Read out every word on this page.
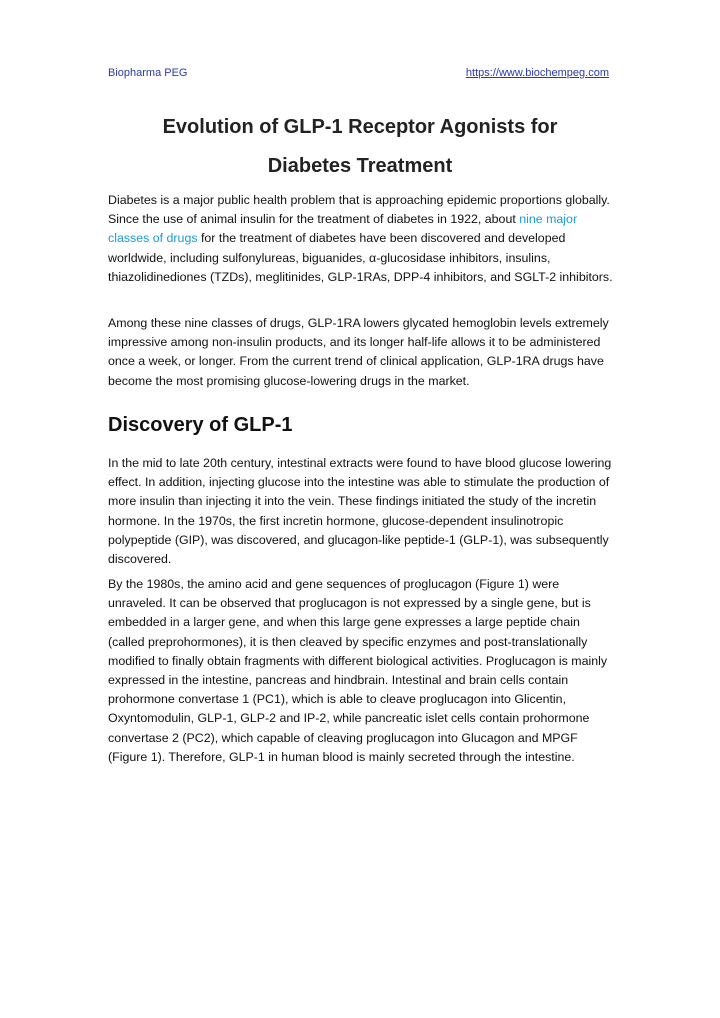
Biopharma PEG	https://www.biochempeg.com
Evolution of GLP‐1 Receptor Agonists for
Diabetes Treatment
Diabetes is a major public health problem that is approaching epidemic proportions globally. Since the use of animal insulin for the treatment of diabetes in 1922, about nine major classes of drugs for the treatment of diabetes have been discovered and developed worldwide, including sulfonylureas, biguanides, α-glucosidase inhibitors, insulins, thiazolidinediones (TZDs), meglitinides, GLP-1RAs, DPP-4 inhibitors, and SGLT-2 inhibitors.
Among these nine classes of drugs, GLP-1RA lowers glycated hemoglobin levels extremely impressive among non-insulin products, and its longer half-life allows it to be administered once a week, or longer. From the current trend of clinical application, GLP-1RA drugs have become the most promising glucose-lowering drugs in the market.
Discovery of GLP-1
In the mid to late 20th century, intestinal extracts were found to have blood glucose lowering effect. In addition, injecting glucose into the intestine was able to stimulate the production of more insulin than injecting it into the vein. These findings initiated the study of the incretin hormone. In the 1970s, the first incretin hormone, glucose-dependent insulinotropic polypeptide (GIP), was discovered, and glucagon-like peptide-1 (GLP-1), was subsequently discovered.
By the 1980s, the amino acid and gene sequences of proglucagon (Figure 1) were unraveled. It can be observed that proglucagon is not expressed by a single gene, but is embedded in a larger gene, and when this large gene expresses a large peptide chain (called preprohormones), it is then cleaved by specific enzymes and post-translationally modified to finally obtain fragments with different biological activities. Proglucagon is mainly expressed in the intestine, pancreas and hindbrain. Intestinal and brain cells contain prohormone convertase 1 (PC1), which is able to cleave proglucagon into Glicentin, Oxyntomodulin, GLP-1, GLP-2 and IP-2, while pancreatic islet cells contain prohormone convertase 2 (PC2), which capable of cleaving proglucagon into Glucagon and MPGF (Figure 1). Therefore, GLP-1 in human blood is mainly secreted through the intestine.
